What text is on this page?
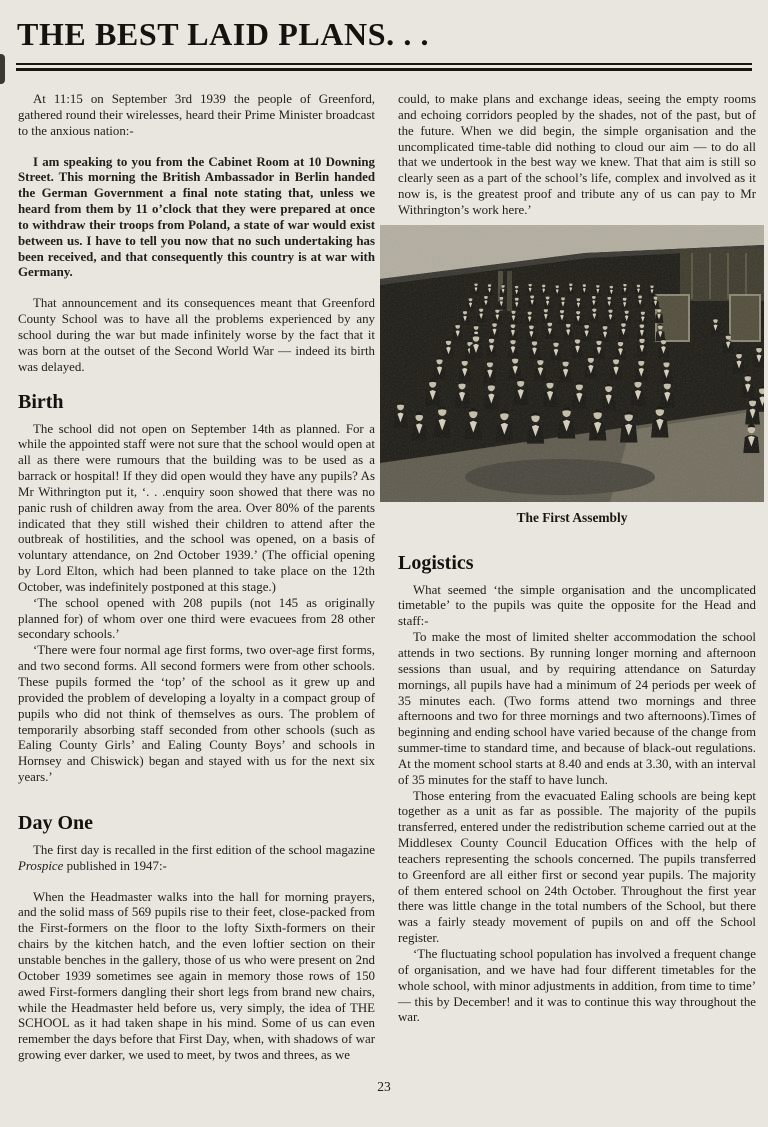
THE BEST LAID PLANS. . .

At 11:15 on September 3rd 1939 the people of Greenford, gathered round their wirelesses, heard their Prime Minister broadcast to the anxious nation:-

I am speaking to you from the Cabinet Room at 10 Downing Street. This morning the British Ambassador in Berlin handed the German Government a final note stating that, unless we heard from them by 11 o’clock that they were prepared at once to withdraw their troops from Poland, a state of war would exist between us. I have to tell you now that no such undertaking has been received, and that consequently this country is at war with Germany.

That announcement and its consequences meant that Greenford County School was to have all the problems experienced by any school during the war but made infinitely worse by the fact that it was born at the outset of the Second World War — indeed its birth was delayed.

Birth

The school did not open on September 14th as planned. For a while the appointed staff were not sure that the school would open at all as there were rumours that the building was to be used as a barrack or hospital! If they did open would they have any pupils? As Mr Withrington put it, ‘. . .enquiry soon showed that there was no panic rush of children away from the area. Over 80% of the parents indicated that they still wished their children to attend after the outbreak of hostilities, and the school was opened, on a basis of voluntary attendance, on 2nd October 1939.’ (The official opening by Lord Elton, which had been planned to take place on the 12th October, was indefinitely postponed at this stage.)

‘The school opened with 208 pupils (not 145 as originally planned for) of whom over one third were evacuees from 28 other secondary schools.’

‘There were four normal age first forms, two over-age first forms, and two second forms. All second formers were from other schools. These pupils formed the ‘top’ of the school as it grew up and provided the problem of developing a loyalty in a compact group of pupils who did not think of themselves as ours. The problem of temporarily absorbing staff seconded from other schools (such as Ealing County Girls’ and Ealing County Boys’ and schools in Hornsey and Chiswick) began and stayed with us for the next six years.’

Day One

The first day is recalled in the first edition of the school magazine Prospice published in 1947:-

When the Headmaster walks into the hall for morning prayers, and the solid mass of 569 pupils rise to their feet, close-packed from the First-formers on the floor to the lofty Sixth-formers on their chairs by the kitchen hatch, and the even loftier section on their unstable benches in the gallery, those of us who were present on 2nd October 1939 sometimes see again in memory those rows of 150 awed First-formers dangling their short legs from brand new chairs, while the Headmaster held before us, very simply, the idea of THE SCHOOL as it had taken shape in his mind. Some of us can even remember the days before that First Day, when, with shadows of war growing ever darker, we used to meet, by twos and threes, as we

could, to make plans and exchange ideas, seeing the empty rooms and echoing corridors peopled by the shades, not of the past, but of the future. When we did begin, the simple organisation and the uncomplicated time-table did nothing to cloud our aim — to do all that we undertook in the best way we knew. That that aim is still so clearly seen as a part of the school’s life, complex and involved as it now is, is the greatest proof and tribute any of us can pay to Mr Withrington’s work here.’

The First Assembly
Logistics

What seemed ‘the simple organisation and the uncomplicated timetable’ to the pupils was quite the opposite for the Head and staff:-

To make the most of limited shelter accommodation the school attends in two sections. By running longer morning and afternoon sessions than usual, and by requiring attendance on Saturday mornings, all pupils have had a minimum of 24 periods per week of 35 minutes each. (Two forms attend two mornings and three afternoons and two for three mornings and two afternoons).Times of beginning and ending school have varied because of the change from summer-time to standard time, and because of black-out regulations. At the moment school starts at 8.40 and ends at 3.30, with an interval of 35 minutes for the staff to have lunch.

Those entering from the evacuated Ealing schools are being kept together as a unit as far as possible. The majority of the pupils transferred, entered under the redistribution scheme carried out at the Middlesex County Council Education Offices with the help of teachers representing the schools concerned. The pupils transferred to Greenford are all either first or second year pupils. The majority of them entered school on 24th October. Throughout the first year there was little change in the total numbers of the School, but there was a fairly steady movement of pupils on and off the School register.

‘The fluctuating school population has involved a frequent change of organisation, and we have had four different timetables for the whole school, with minor adjustments in addition, from time to time’ — this by December! and it was to continue this way throughout the war.

23
